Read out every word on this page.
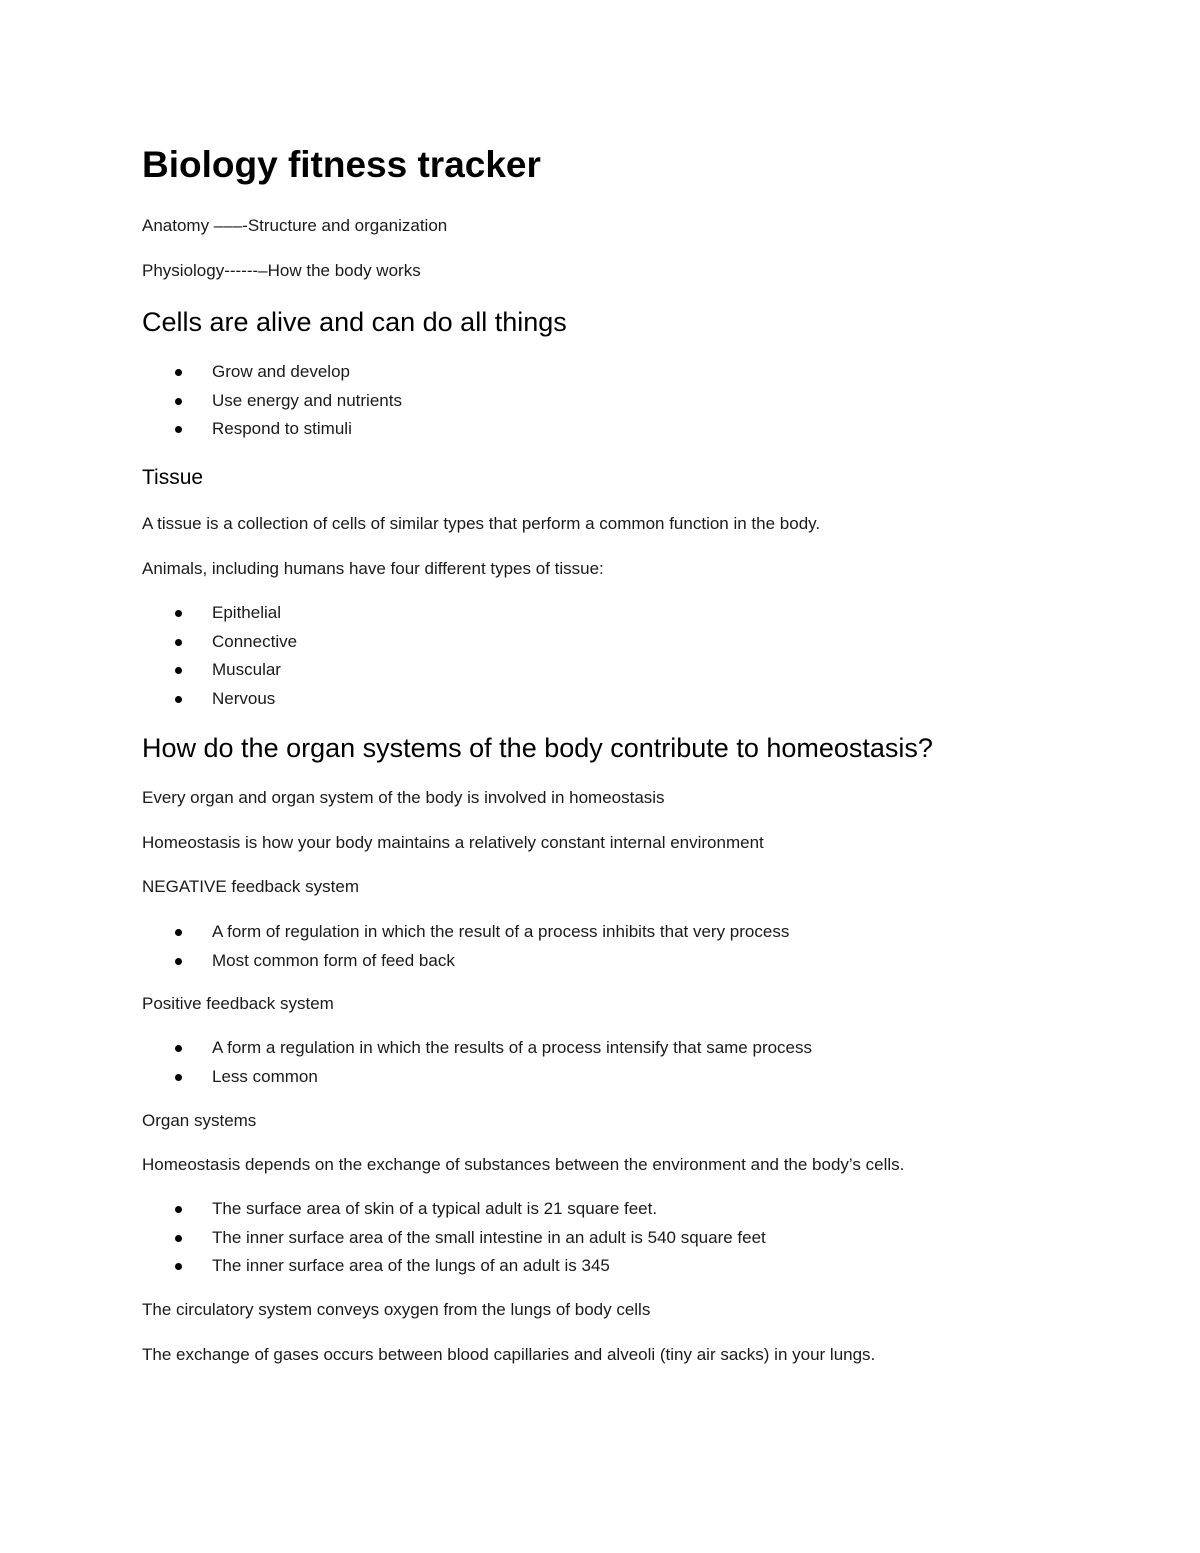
Biology fitness tracker

Anatomy –––-Structure and organization

Physiology------–How the body works

Cells are alive and can do all things
Grow and develop
Use energy and nutrients
Respond to stimuli
Tissue

A tissue is a collection of cells of similar types that perform a common function in the body.

Animals, including humans have four different types of tissue:

Epithelial
Connective
Muscular
Nervous
How do the organ systems of the body contribute to homeostasis?

Every organ and organ system of the body is involved in homeostasis

Homeostasis is how your body maintains a relatively constant internal environment

NEGATIVE feedback system

A form of regulation in which the result of a process inhibits that very process
Most common form of feed back

Positive feedback system

A form a regulation in which the results of a process intensify that same process
Less common

Organ systems

Homeostasis depends on the exchange of substances between the environment and the body’s cells.

The surface area of skin of a typical adult is 21 square feet.
The inner surface area of the small intestine in an adult is 540 square feet
The inner surface area of the lungs of an adult is 345

The circulatory system conveys oxygen from the lungs of body cells

The exchange of gases occurs between blood capillaries and alveoli (tiny air sacks) in your lungs.
